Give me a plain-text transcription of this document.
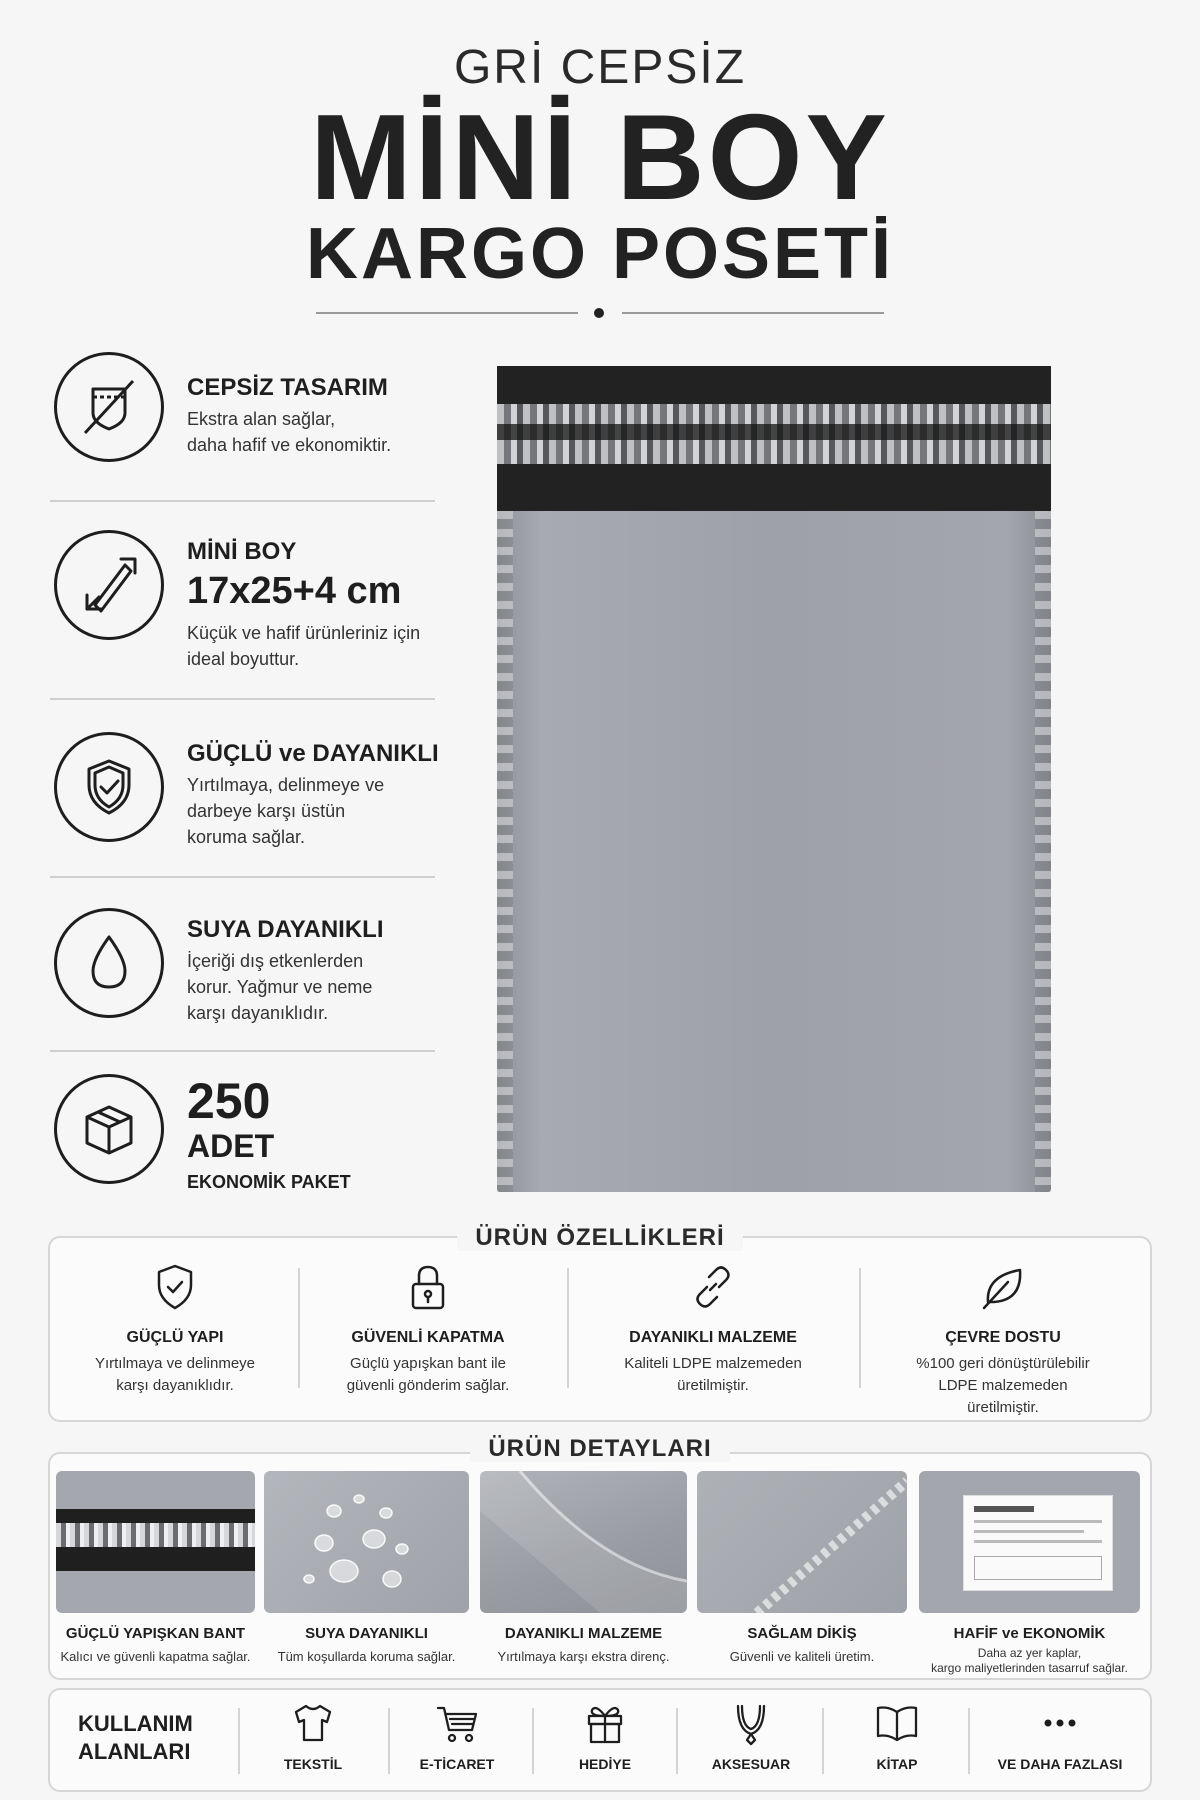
GRİ CEPSİZ
MİNİ BOY
KARGO POSETİ
CEPSİZ TASARIM
Ekstra alan sağlar,
daha hafif ve ekonomiktir.
MİNİ BOY
17x25+4 cm
Küçük ve hafif ürünleriniz için
ideal boyuttur.
GÜÇLÜ ve DAYANIKLI
Yırtılmaya, delinmeye ve
darbeye karşı üstün
koruma sağlar.
SUYA DAYANIKLI
İçeriği dış etkenlerden
korur. Yağmur ve neme
karşı dayanıklıdır.
250
ADET
EKONOMİK PAKET
ÜRÜN ÖZELLİKLERİ
GÜÇLÜ YAPI
Yırtılmaya ve delinmeye
karşı dayanıklıdır.
GÜVENLİ KAPATMA
Güçlü yapışkan bant ile
güvenli gönderim sağlar.
DAYANIKLI MALZEME
Kaliteli LDPE malzemeden
üretilmiştir.
ÇEVRE DOSTU
%100 geri dönüştürülebilir
LDPE malzemeden
üretilmiştir.
ÜRÜN DETAYLARI
GÜÇLÜ YAPIŞKAN BANT
Kalıcı ve güvenli kapatma sağlar.
SUYA DAYANIKLI
Tüm koşullarda koruma sağlar.
DAYANIKLI MALZEME
Yırtılmaya karşı ekstra direnç.
SAĞLAM DİKİŞ
Güvenli ve kaliteli üretim.
HAFİF ve EKONOMİK
Daha az yer kaplar,
kargo maliyetlerinden tasarruf sağlar.
KULLANIM
ALANLARI	TEKSTİL	E-TİCARET	HEDİYE	AKSESUAR	KİTAP	VE DAHA FAZLASI
